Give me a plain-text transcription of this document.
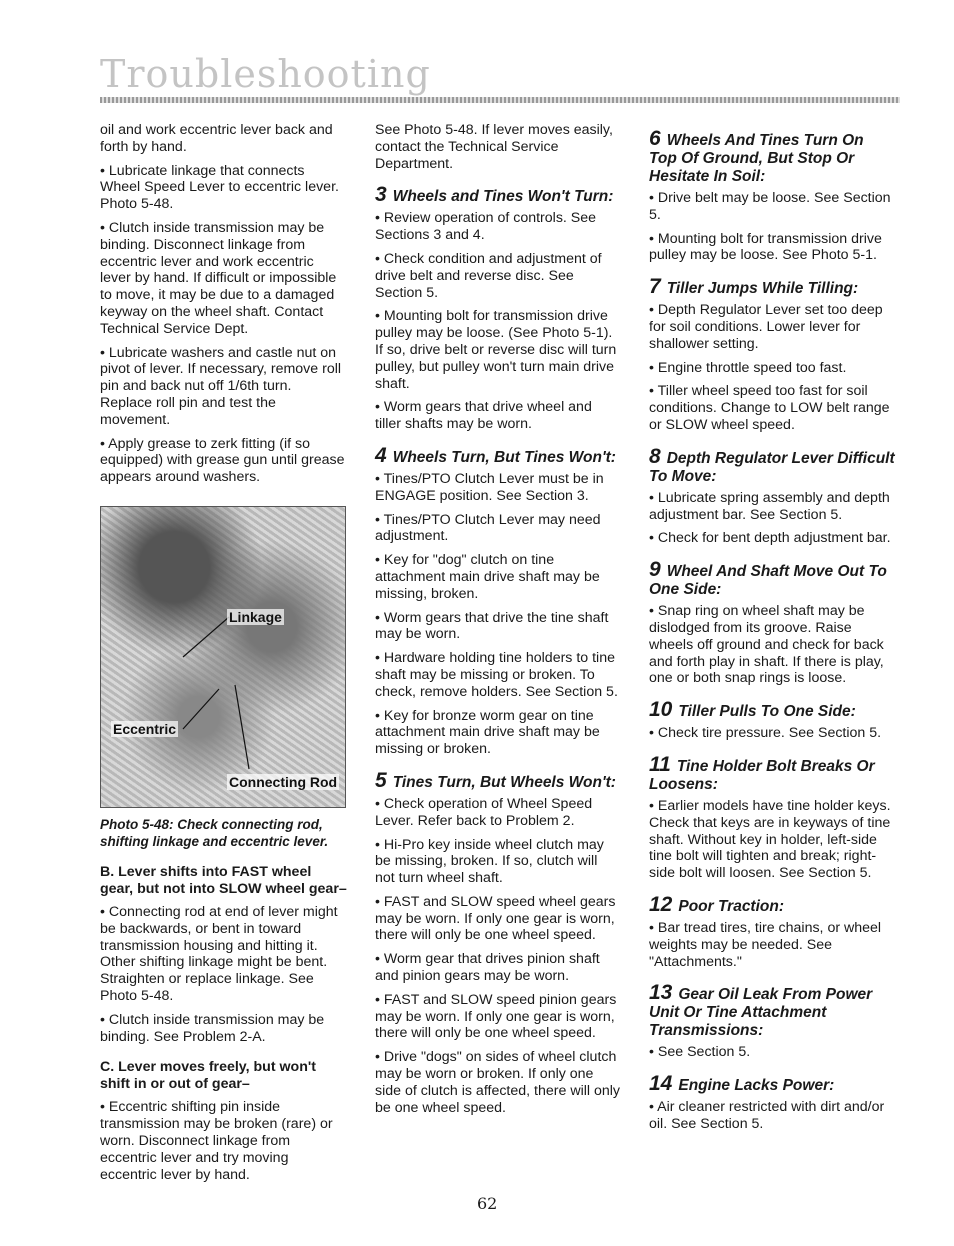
Troubleshooting

oil and work eccentric lever back and forth by hand.

• Lubricate linkage that connects Wheel Speed Lever to eccentric lever. Photo 5-48.

• Clutch inside transmission may be binding. Disconnect linkage from eccentric lever and work eccentric lever by hand. If difficult or impossible to move, it may be due to a damaged keyway on the wheel shaft. Contact Technical Service Dept.

• Lubricate washers and castle nut on pivot of lever. If necessary, remove roll pin and back nut off 1/6th turn. Replace roll pin and test the movement.

• Apply grease to zerk fitting (if so equipped) with grease gun until grease appears around washers.

Linkage
Eccentric
Connecting Rod
Photo 5-48: Check connecting rod, shifting linkage and eccentric lever.
B. Lever shifts into FAST wheel gear, but not into SLOW wheel gear–

• Connecting rod at end of lever might be backwards, or bent in toward transmission housing and hitting it. Other shifting linkage might be bent. Straighten or replace linkage. See Photo 5-48.

• Clutch inside transmission may be binding. See Problem 2-A.

C. Lever moves freely, but won't shift in or out of gear–

• Eccentric shifting pin inside transmission may be broken (rare) or worn. Disconnect linkage from eccentric lever and try moving eccentric lever by hand.

See Photo 5-48. If lever moves easily, contact the Technical Service Department.

3 Wheels and Tines Won't Turn:

• Review operation of controls. See Sections 3 and 4.

• Check condition and adjustment of drive belt and reverse disc. See Section 5.

• Mounting bolt for transmission drive pulley may be loose. (See Photo 5-1). If so, drive belt or reverse disc will turn pulley, but pulley won't turn main drive shaft.

• Worm gears that drive wheel and tiller shafts may be worn.

4 Wheels Turn, But Tines Won't:

• Tines/PTO Clutch Lever must be in ENGAGE position. See Section 3.

• Tines/PTO Clutch Lever may need adjustment.

• Key for "dog" clutch on tine attachment main drive shaft may be missing, broken.

• Worm gears that drive the tine shaft may be worn.

• Hardware holding tine holders to tine shaft may be missing or broken. To check, remove holders. See Section 5.

• Key for bronze worm gear on tine attachment main drive shaft may be missing or broken.

5 Tines Turn, But Wheels Won't:

• Check operation of Wheel Speed Lever. Refer back to Problem 2.

• Hi-Pro key inside wheel clutch may be missing, broken. If so, clutch will not turn wheel shaft.

• FAST and SLOW speed wheel gears may be worn. If only one gear is worn, there will only be one wheel speed.

• Worm gear that drives pinion shaft and pinion gears may be worn.

• FAST and SLOW speed pinion gears may be worn. If only one gear is worn, there will only be one wheel speed.

• Drive "dogs" on sides of wheel clutch may be worn or broken. If only one side of clutch is affected, there will only be one wheel speed.

6 Wheels And Tines Turn On Top Of Ground, But Stop Or Hesitate In Soil:

• Drive belt may be loose. See Section 5.

• Mounting bolt for transmission drive pulley may be loose. See Photo 5-1.

7 Tiller Jumps While Tilling:

• Depth Regulator Lever set too deep for soil conditions. Lower lever for shallower setting.

• Engine throttle speed too fast.

• Tiller wheel speed too fast for soil conditions. Change to LOW belt range or SLOW wheel speed.

8 Depth Regulator Lever Difficult To Move:

• Lubricate spring assembly and depth adjustment bar. See Section 5.

• Check for bent depth adjustment bar.

9 Wheel And Shaft Move Out To One Side:

• Snap ring on wheel shaft may be dislodged from its groove. Raise wheels off ground and check for back and forth play in shaft. If there is play, one or both snap rings is loose.

10 Tiller Pulls To One Side:

• Check tire pressure. See Section 5.

11 Tine Holder Bolt Breaks Or Loosens:

• Earlier models have tine holder keys. Check that keys are in keyways of tine shaft. Without key in holder, left-side tine bolt will tighten and break; right-side bolt will loosen. See Section 5.

12 Poor Traction:

• Bar tread tires, tire chains, or wheel weights may be needed. See "Attachments."

13 Gear Oil Leak From Power Unit Or Tine Attachment Transmissions:

• See Section 5.

14 Engine Lacks Power:

• Air cleaner restricted with dirt and/or oil. See Section 5.

62
